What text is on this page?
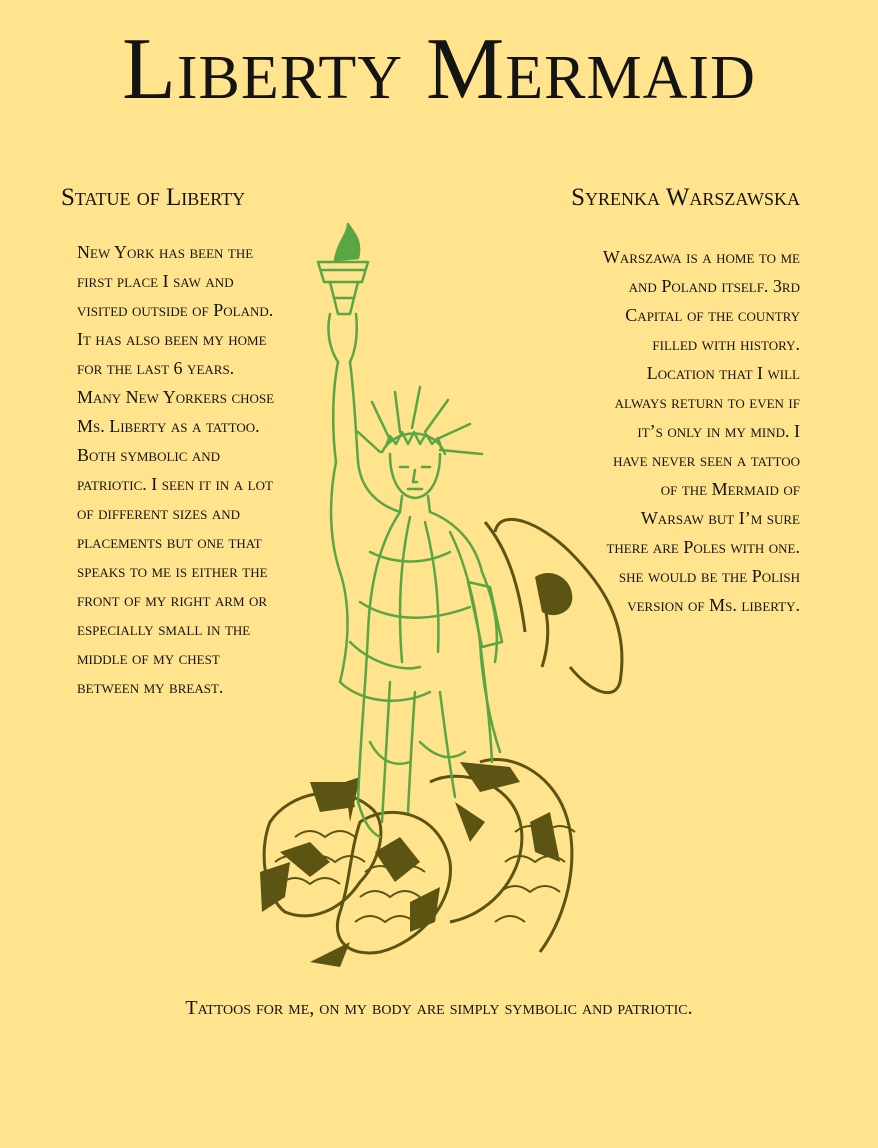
Liberty Mermaid
Statue of Liberty	Syrenka Warszawska
New York has been the first place I saw and visited outside of Poland. It has also been my home for the last 6 years. Many New Yorkers chose Ms. Liberty as a tattoo. Both symbolic and patriotic. I seen it in a lot of different sizes and placements but one that speaks to me is either the front of my right arm or especially small in the middle of my chest between my breast.
Warszawa is a home to me and Poland itself. 3rd Capital of the country filled with history. Location that I will always return to even if it’s only in my mind. I have never seen a tattoo of the Mermaid of Warsaw but I’m sure there are Poles with one. she would be the Polish version of Ms. liberty.
Tattoos for me, on my body are simply symbolic and patriotic.
